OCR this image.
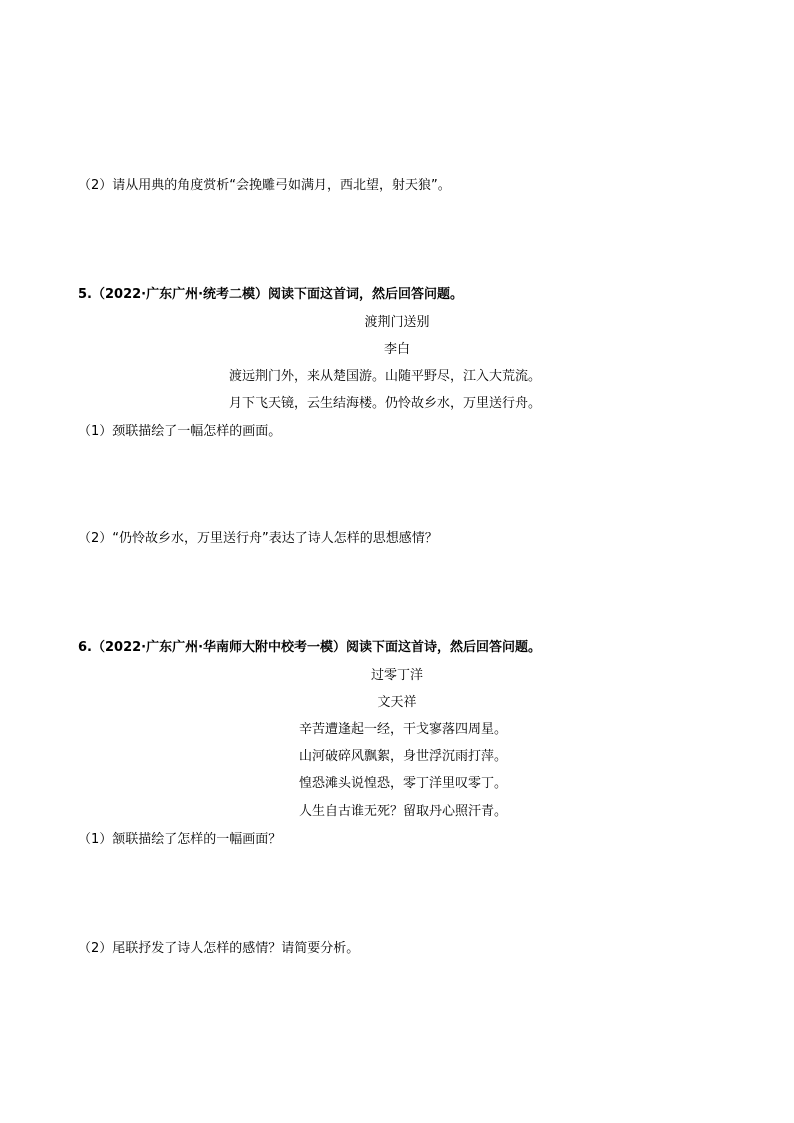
（2）请从用典的角度赏析“会挽雕弓如满月，西北望，射天狼”。
5.（2022·广东广州·统考二模）阅读下面这首词，然后回答问题。
渡荆门送别
李白
渡远荆门外，来从楚国游。山随平野尽，江入大荒流。
月下飞天镜，云生结海楼。仍怜故乡水，万里送行舟。
（1）颈联描绘了一幅怎样的画面。
（2）“仍怜故乡水，万里送行舟”表达了诗人怎样的思想感情？
6.（2022·广东广州·华南师大附中校考一模）阅读下面这首诗，然后回答问题。
过零丁洋
文天祥
辛苦遭逢起一经，干戈寥落四周星。
山河破碎风飘絮，身世浮沉雨打萍。
惶恐滩头说惶恐，零丁洋里叹零丁。
人生自古谁无死？留取丹心照汗青。
（1）颔联描绘了怎样的一幅画面？
（2）尾联抒发了诗人怎样的感情？请简要分析。
